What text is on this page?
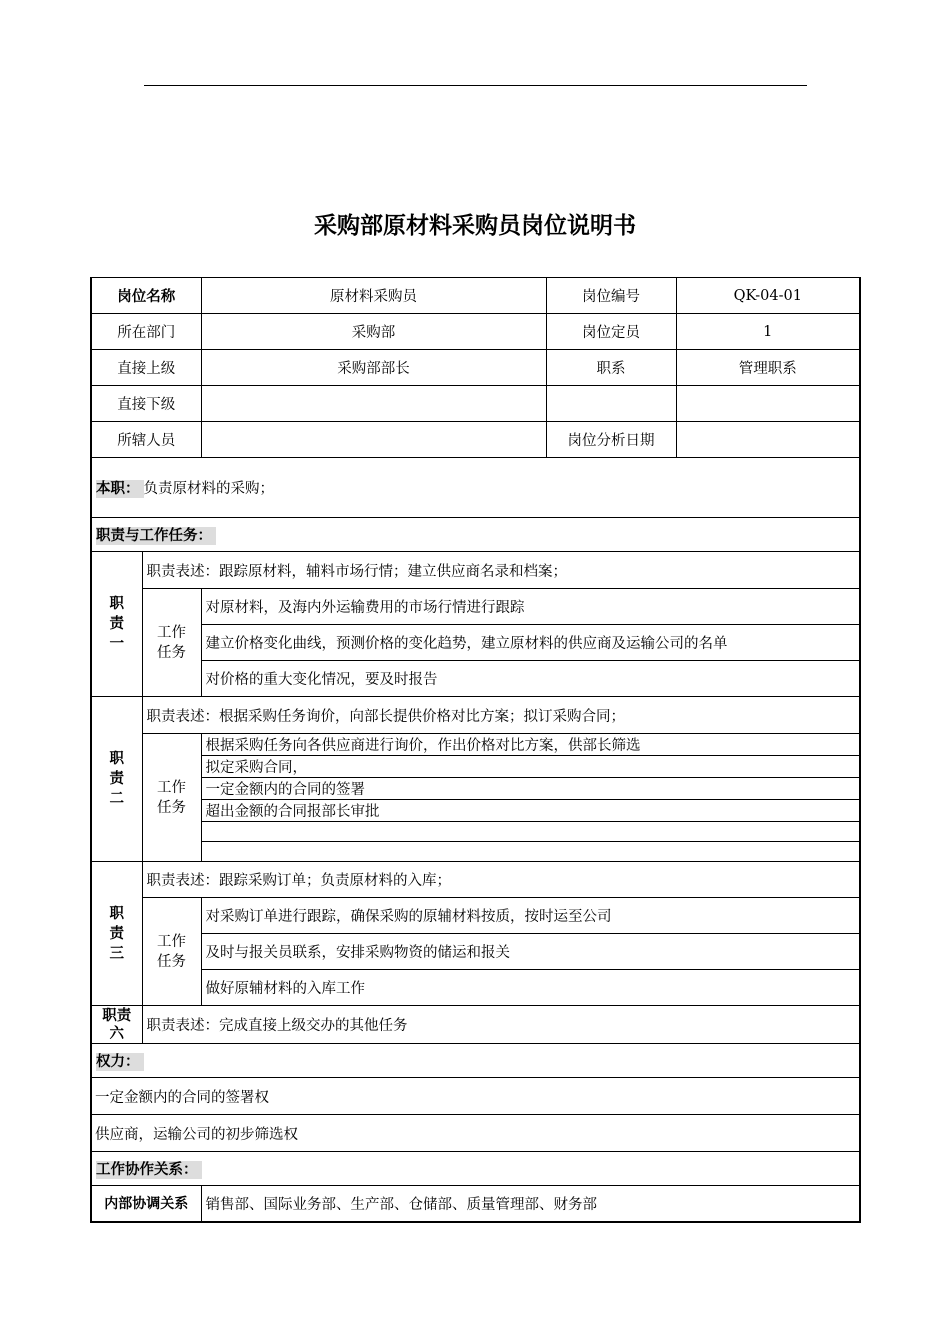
采购部原材料采购员岗位说明书
岗位名称		原材料采购员	岗位编号	QK-04-01
所在部门		采购部	岗位定员	1
直接上级		采购部部长	职系	管理职系
直接下级				
所辖人员			岗位分析日期	
本职： 负责原材料的采购；				
职责与工作任务：				
职责一	职责表述：跟踪原材料，辅料市场行情；建立供应商名录和档案；			
	工作任务	对原材料，及海内外运输费用的市场行情进行跟踪		
		建立价格变化曲线，预测价格的变化趋势，建立原材料的供应商及运输公司的名单		
		对价格的重大变化情况，要及时报告		
职责二	职责表述：根据采购任务询价，向部长提供价格对比方案；拟订采购合同；			
	工作任务	根据采购任务向各供应商进行询价，作出价格对比方案，供部长筛选		
		拟定采购合同，		
		一定金额内的合同的签署		
		超出金额的合同报部长审批		

职责三	职责表述：跟踪采购订单；负责原材料的入库；			
	工作任务	对采购订单进行跟踪，确保采购的原辅材料按质，按时运至公司		
		及时与报关员联系，安排采购物资的储运和报关		
		做好原辅材料的入库工作		
职责六	职责表述：完成直接上级交办的其他任务			
权力：				
一定金额内的合同的签署权				
供应商，运输公司的初步筛选权				
工作协作关系：				
内部协调关系		销售部、国际业务部、生产部、仓储部、质量管理部、财务部		
